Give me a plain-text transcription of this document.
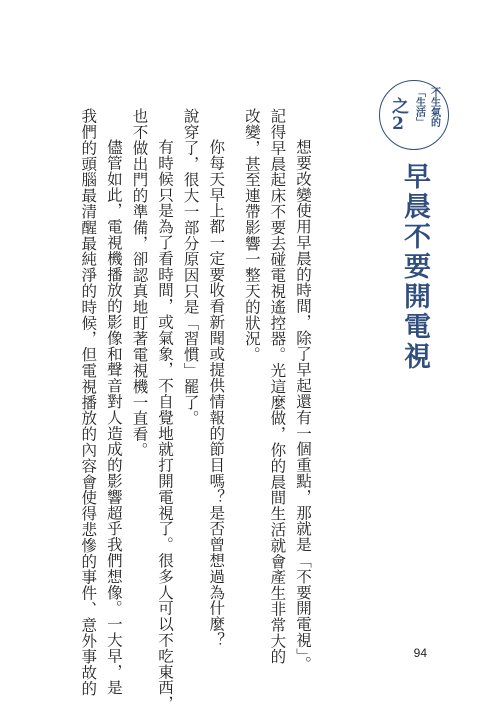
不生氣的
「生活」
之2
早晨不要開電視

想要改變使用早晨的時間，除了早起還有一個重點，那就是「不要開電視」。
記得早晨起床不要去碰電視遙控器。光這麼做，你的晨間生活就會產生非常大的
改變，甚至連帶影響一整天的狀況。

你每天早上都一定要收看新聞或提供情報的節目嗎？是否曾想過為什麼？
說穿了，很大一部分原因只是「習慣」罷了。

有時候只是為了看時間，或氣象，不自覺地就打開電視了。很多人可以不吃東西，
也不做出門的準備，卻認真地盯著電視機一直看。

儘管如此，電視機播放的影像和聲音對人造成的影響超乎我們想像。一大早，是
我們的頭腦最清醒最純淨的時候，但電視播放的內容會使得悲慘的事件、意外事故的	94
